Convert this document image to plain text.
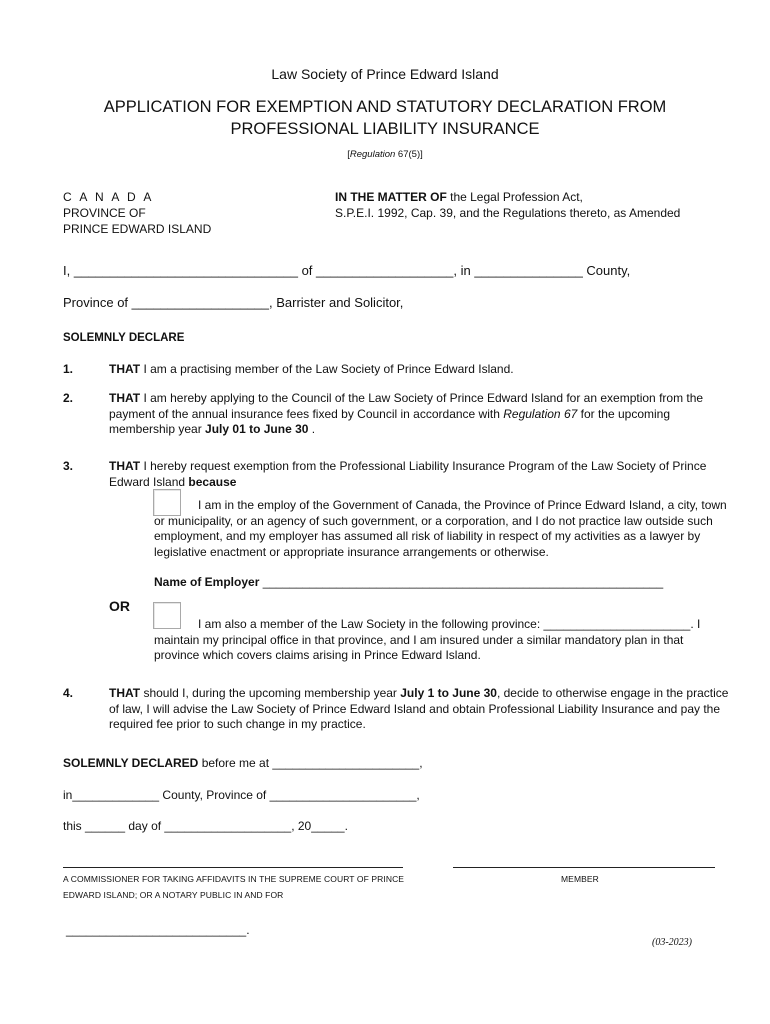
Law Society of Prince Edward Island
APPLICATION FOR EXEMPTION AND STATUTORY DECLARATION FROM
PROFESSIONAL LIABILITY INSURANCE
[Regulation 67(5)]
C A N A D A
PROVINCE OF
PRINCE EDWARD ISLAND
IN THE MATTER OF the Legal Profession Act,
S.P.E.I. 1992, Cap. 39, and the Regulations thereto, as Amended
I, _______________________________ of ___________________, in _______________ County,
Province of ___________________, Barrister and Solicitor,
SOLEMNLY DECLARE
1.	THAT I am a practising member of the Law Society of Prince Edward Island.
2.	THAT I am hereby applying to the Council of the Law Society of Prince Edward Island for an exemption from the payment of the annual insurance fees fixed by Council in accordance with Regulation 67 for the upcoming membership year July 01 to June 30 .
3.	THAT I hereby request exemption from the Professional Liability Insurance Program of the Law Society of Prince Edward Island because
I am in the employ of the Government of Canada, the Province of Prince Edward Island, a city, town or municipality, or an agency of such government, or a corporation, and I do not practice law outside such employment, and my employer has assumed all risk of liability in respect of my activities as a lawyer by legislative enactment or appropriate insurance arrangements or otherwise.
Name of Employer ____________________________________________________________
OR
I am also a member of the Law Society in the following province: ______________________. I maintain my principal office in that province, and I am insured under a similar mandatory plan in that province which covers claims arising in Prince Edward Island.
4.	THAT should I, during the upcoming membership year July 1 to June 30, decide to otherwise engage in the practice of law, I will advise the Law Society of Prince Edward Island and obtain Professional Liability Insurance and pay the required fee prior to such change in my practice.
SOLEMNLY DECLARED before me at ______________________,
in_____________ County, Province of ______________________,
this ______ day of ___________________, 20_____.
A COMMISSIONER FOR TAKING AFFIDAVITS IN THE SUPREME COURT OF PRINCE
EDWARD ISLAND; OR A NOTARY PUBLIC IN AND FOR
MEMBER
___________________________.
(03-2023)
